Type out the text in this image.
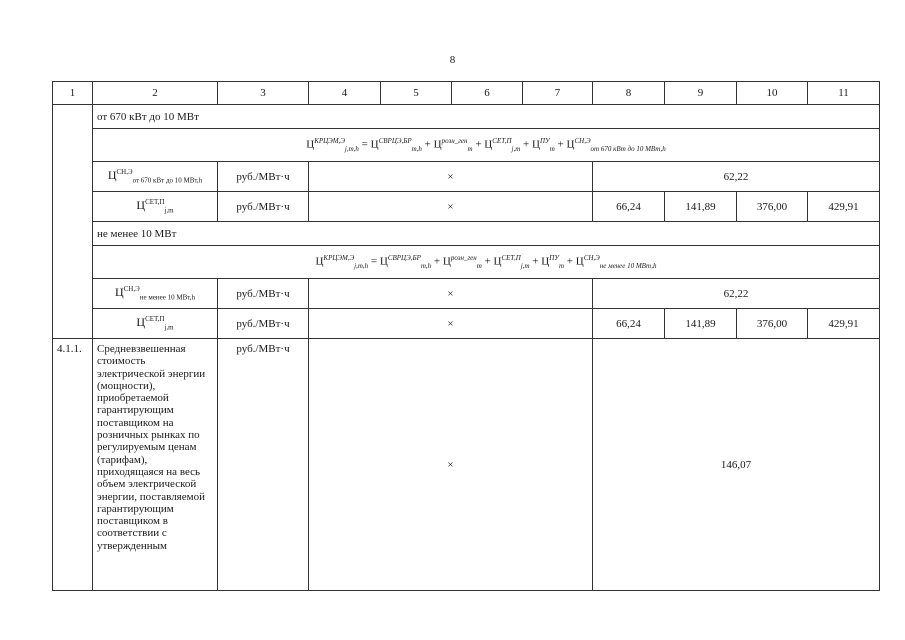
8
1	2	3	4	5	6	7	8	9	10	11
	от 670 кВт до 10 МВт									
	$Ц^{КРЦЭМ,Э}_{j,m,h} = Ц^{СВРЦЭ,БР}_{m,h} + Ц^{розн\_ген}_m + Ц^{СЕТ,П}_{j,m} + Ц^{ПУ}_m + Ц^{СН,Э}_{от 670 кВт до 10 МВт,h}$
	$Ц^{СН,Э}_{от 670 кВт до 10 МВт,h}$	руб./МВт·ч	×				62,22			
	$Ц^{СЕТ,П}_{j,m}$	руб./МВт·ч	×				66,24	141,89	376,00	429,91
	не менее 10 МВт									
	$Ц^{КРЦЭМ,Э}_{j,m,h} = Ц^{СВРЦЭ,БР}_{m,h} + Ц^{розн\_ген}_m + Ц^{СЕТ,П}_{j,m} + Ц^{ПУ}_m + Ц^{СН,Э}_{не менее 10 МВт,h}$
	$Ц^{СН,Э}_{не менее 10 МВт,h}$	руб./МВт·ч	×				62,22			
	$Ц^{СЕТ,П}_{j,m}$	руб./МВт·ч	×				66,24	141,89	376,00	429,91
4.1.1.	Средневзвешенная стоимость электрической энергии (мощности), приобретаемой гарантирующим поставщиком на розничных рынках по регулируемым ценам (тарифам), приходящаяся на весь объем электрической энергии, поставляемой гарантирующим поставщиком в соответствии с утвержденным	руб./МВт·ч	×				146,07			
